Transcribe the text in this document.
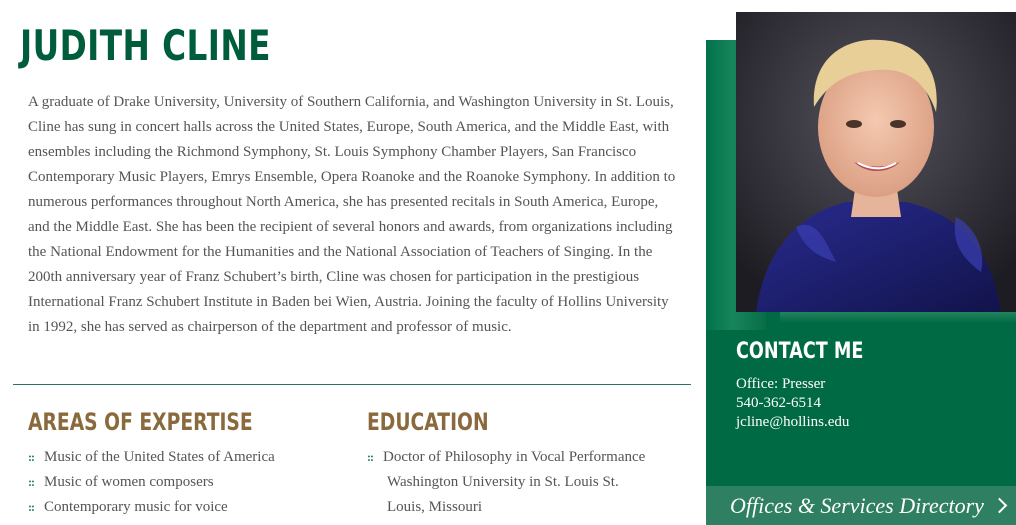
JUDITH CLINE

A graduate of Drake University, University of Southern California, and Washington University in St. Louis, Cline has sung in concert halls across the United States, Europe, South America, and the Middle East, with ensembles including the Richmond Symphony, St. Louis Symphony Chamber Players, San Francisco Contemporary Music Players, Emrys Ensemble, Opera Roanoke and the Roanoke Symphony. In addition to numerous performances throughout North America, she has presented recitals in South America, Europe, and the Middle East. She has been the recipient of several honors and awards, from organizations including the National Endowment for the Humanities and the National Association of Teachers of Singing. In the 200th anniversary year of Franz Schubert’s birth, Cline was chosen for participation in the prestigious International Franz Schubert Institute in Baden bei Wien, Austria. Joining the faculty of Hollins University in 1992, she has served as chairperson of the department and professor of music.

AREAS OF EXPERTISE
:: Music of the United States of America
:: Music of women composers
:: Contemporary music for voice
EDUCATION
:: Doctor of Philosophy in Vocal Performance
Washington University in St. Louis St.
Louis, Missouri
CONTACT ME

Office: Presser

540-362-6514

jcline@hollins.edu
Offices & Services Directory
